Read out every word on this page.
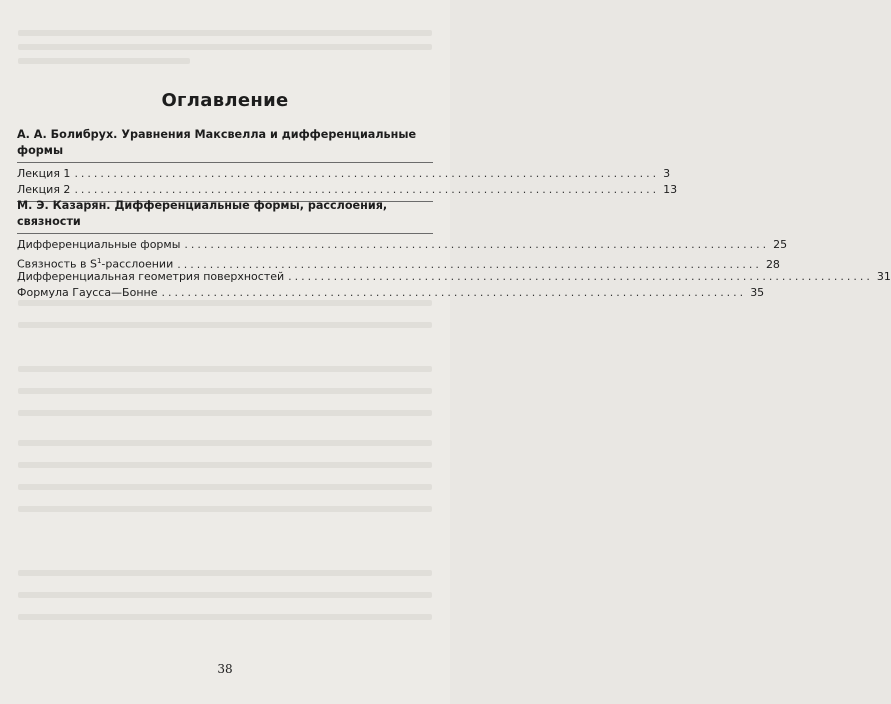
Оглавление
А. А. Болибрух. Уравнения Максвелла и дифференциальные формы
Лекция 1 .......................................................................................... 3
Лекция 2 .......................................................................................... 13
М. Э. Казарян. Дифференциальные формы, расслоения, связности
Дифференциальные формы .......................................................................................... 25
Связность в $S^1$-расслоении .......................................................................................... 28
Дифференциальная геометрия поверхностей .......................................................................................... 31
Формула Гаусса—Бонне .......................................................................................... 35
38
